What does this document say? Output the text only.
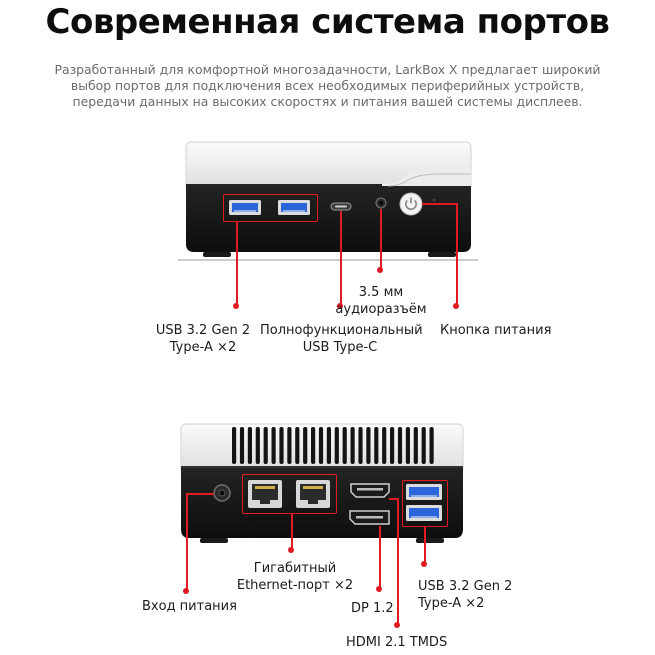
Современная система портов
Разработанный для комфортной многозадачности, LarkBox X предлагает широкий выбор портов для подключения всех необходимых периферийных устройств, передачи данных на высоких скоростях и питания вашей системы дисплеев.
USB 3.2 Gen 2
Type-A ×2
Полнофункциональный
USB Type-C
3.5 мм
аудиоразъём
Кнопка питания
Вход питания
Гигабитный
Ethernet-порт ×2
DP 1.2
HDMI 2.1 TMDS
USB 3.2 Gen 2
Type-A ×2
